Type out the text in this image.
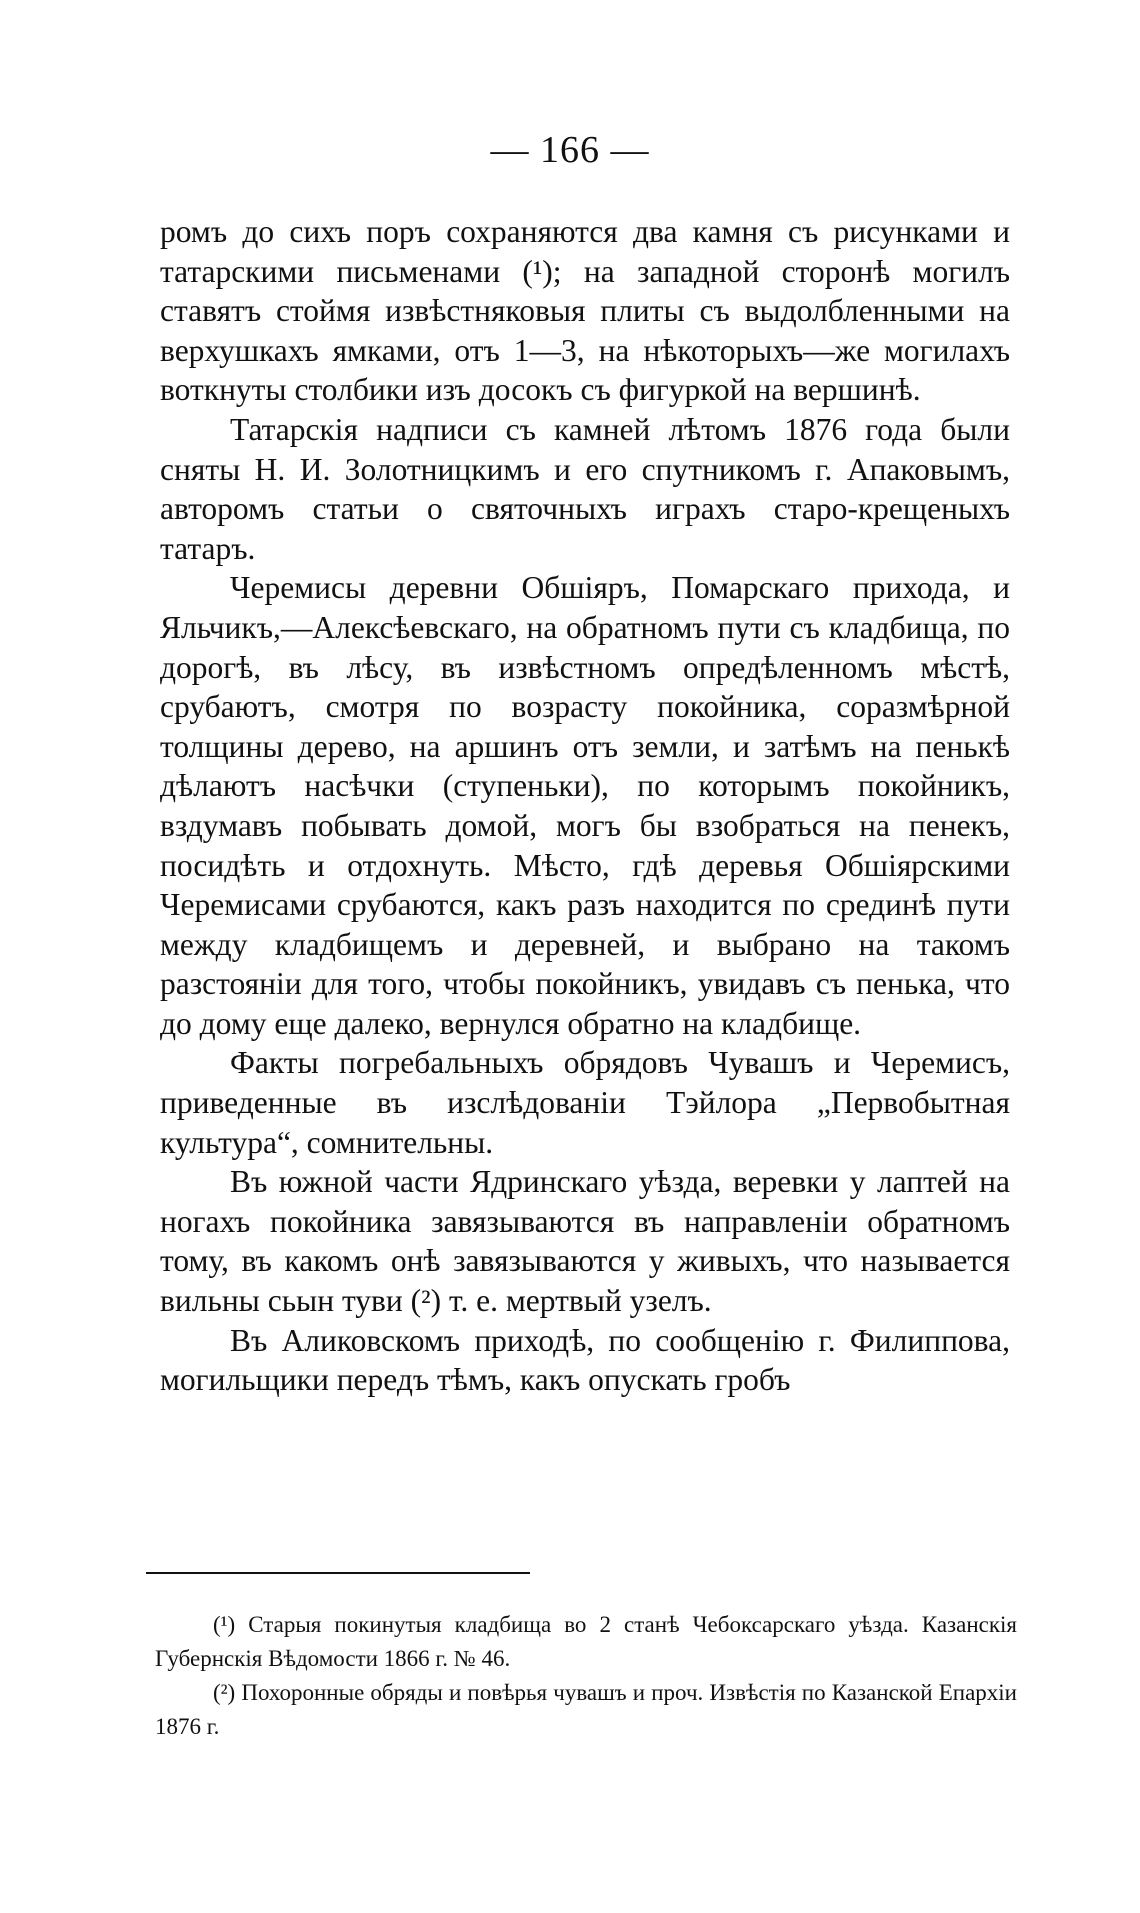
— 166 —

ромъ до сихъ поръ сохраняются два камня съ рисунками и татарскими письменами (¹); на западной сторонѣ могилъ ставятъ стоймя извѣстняковыя плиты съ выдолбленными на верхушкахъ ямками, отъ 1—3, на нѣкоторыхъ—же могилахъ воткнуты столбики изъ досокъ съ фигуркой на вершинѣ.

Татарскія надписи съ камней лѣтомъ 1876 года были сняты Н. И. Золотницкимъ и его спутникомъ г. Апаковымъ, авторомъ статьи о святочныхъ играхъ старо-крещеныхъ татаръ.

Черемисы деревни Обшіяръ, Помарскаго прихода, и Яльчикъ,—Алексѣевскаго, на обратномъ пути съ кладбища, по дорогѣ, въ лѣсу, въ извѣстномъ опредѣленномъ мѣстѣ, срубаютъ, смотря по возрасту покойника, соразмѣрной толщины дерево, на аршинъ отъ земли, и затѣмъ на пенькѣ дѣлаютъ насѣчки (ступеньки), по которымъ покойникъ, вздумавъ побывать домой, могъ бы взобраться на пенекъ, посидѣть и отдохнуть. Мѣсто, гдѣ деревья Обшіярскими Черемисами срубаются, какъ разъ находится по срединѣ пути между кладбищемъ и деревней, и выбрано на такомъ разстояніи для того, чтобы покойникъ, увидавъ съ пенька, что до дому еще далеко, вернулся обратно на кладбище.

Факты погребальныхъ обрядовъ Чувашъ и Черемисъ, приведенные въ изслѣдованіи Тэйлора „Первобытная культура“, сомнительны.

Въ южной части Ядринскаго уѣзда, веревки у лаптей на ногахъ покойника завязываются въ направленіи обратномъ тому, въ какомъ онѣ завязываются у живыхъ, что называется вильны сьын туви (²) т. е. мертвый узелъ.

Въ Аликовскомъ приходѣ, по сообщенію г. Филиппова, могильщики передъ тѣмъ, какъ опускать гробъ

(¹) Старыя покинутыя кладбища во 2 станѣ Чебоксарскаго уѣзда. Казанскія Губернскія Вѣдомости 1866 г. № 46.

(²) Похоронные обряды и повѣрья чувашъ и проч. Извѣстія по Казанской Епархіи 1876 г.
